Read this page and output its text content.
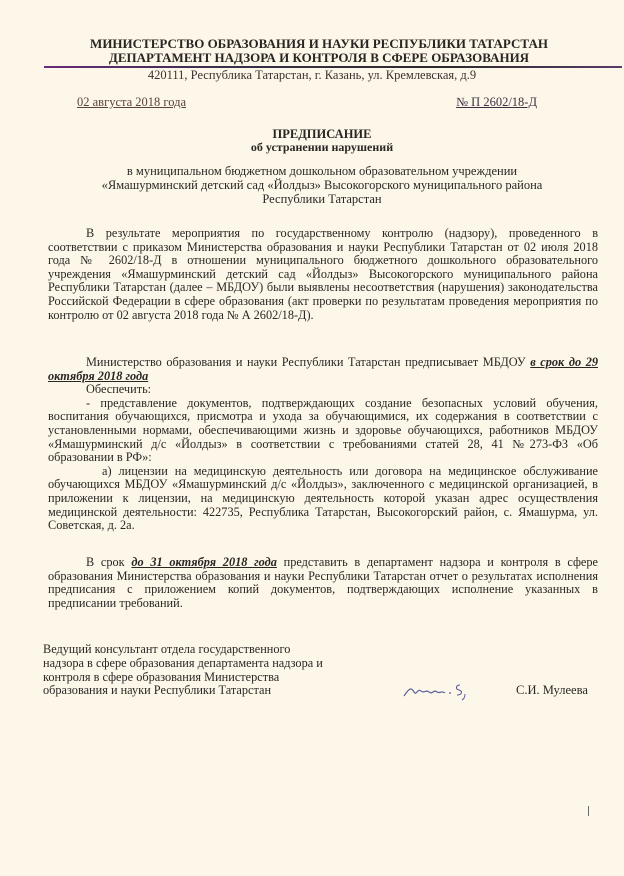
МИНИСТЕРСТВО ОБРАЗОВАНИЯ И НАУКИ РЕСПУБЛИКИ ТАТАРСТАН
ДЕПАРТАМЕНТ НАДЗОРА И КОНТРОЛЯ В СФЕРЕ ОБРАЗОВАНИЯ
420111, Республика Татарстан, г. Казань, ул. Кремлевская, д.9
02 августа 2018 года	№ П 2602/18-Д
ПРЕДПИСАНИЕ
об устранении нарушений
в муниципальном бюджетном дошкольном образовательном учреждении
«Ямашурминский детский сад «Йолдыз» Высокогорского муниципального района
Республики Татарстан

В результате мероприятия по государственному контролю (надзору), проведенного в соответствии с приказом Министерства образования и науки Республики Татарстан от 02 июля 2018 года № 2602/18-Д в отношении муниципального бюджетного дошкольного образовательного учреждения «Ямашурминский детский сад «Йолдыз» Высокогорского муниципального района Республики Татарстан (далее – МБДОУ) были выявлены несоответствия (нарушения) законодательства Российской Федерации в сфере образования (акт проверки по результатам проведения мероприятия по контролю от 02 августа 2018 года № А 2602/18-Д).

Министерство образования и науки Республики Татарстан предписывает МБДОУ в срок до 29 октября 2018 года

Обеспечить:

- представление документов, подтверждающих создание безопасных условий обучения, воспитания обучающихся, присмотра и ухода за обучающимися, их содержания в соответствии с установленными нормами, обеспечивающими жизнь и здоровье обучающихся, работников МБДОУ «Ямашурминский д/с «Йолдыз» в соответствии с требованиями статей 28, 41 №273-ФЗ «Об образовании в РФ»:

а) лицензии на медицинскую деятельность или договора на медицинское обслуживание обучающихся МБДОУ «Ямашурминский д/с «Йолдыз», заключенного с медицинской организацией, в приложении к лицензии, на медицинскую деятельность которой указан адрес осуществления медицинской деятельности: 422735, Республика Татарстан, Высокогорский район, с. Ямашурма, ул. Советская, д. 2а.

В срок до 31 октября 2018 года представить в департамент надзора и контроля в сфере образования Министерства образования и науки Республики Татарстан отчет о результатах исполнения предписания с приложением копий документов, подтверждающих исполнение указанных в предписании требований.

Ведущий консультант отдела государственного
надзора в сфере образования департамента надзора и
контроля в сфере образования Министерства
образования и науки Республики Татарстан	С.И. Мулеева
